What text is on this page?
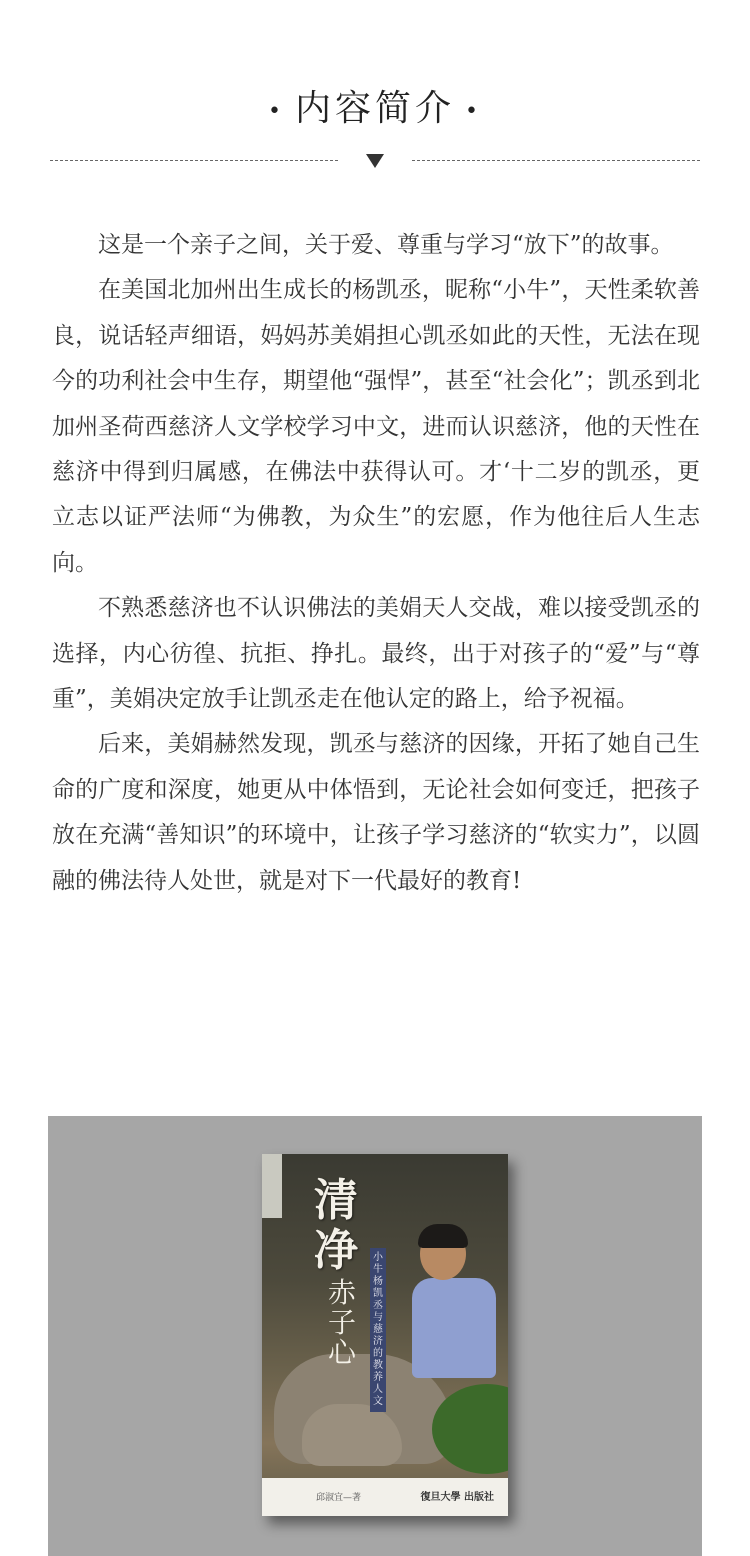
• 内容简介 •

这是一个亲子之间，关于爱、尊重与学习“放下”的故事。

在美国北加州出生成长的杨凯丞，昵称“小牛”，天性柔软善良，说话轻声细语，妈妈苏美娟担心凯丞如此的天性，无法在现今的功利社会中生存，期望他“强悍”，甚至“社会化”；凯丞到北加州圣荷西慈济人文学校学习中文，进而认识慈济，他的天性在慈济中得到归属感，在佛法中获得认可。才‘十二岁的凯丞，更立志以证严法师“为佛教，为众生”的宏愿，作为他往后人生志向。

不熟悉慈济也不认识佛法的美娟天人交战，难以接受凯丞的选择，内心彷徨、抗拒、挣扎。最终，出于对孩子的“爱”与“尊重”，美娟决定放手让凯丞走在他认定的路上，给予祝福。

后来，美娟赫然发现，凯丞与慈济的因缘，开拓了她自己生命的广度和深度，她更从中体悟到，无论社会如何变迁，把孩子放在充满“善知识”的环境中，让孩子学习慈济的“软实力”，以圆融的佛法待人处世，就是对下一代最好的教育!

清净
赤子心
小牛杨凯丞与慈济的教养人文
邱淑宜—著	復旦大學 出版社
